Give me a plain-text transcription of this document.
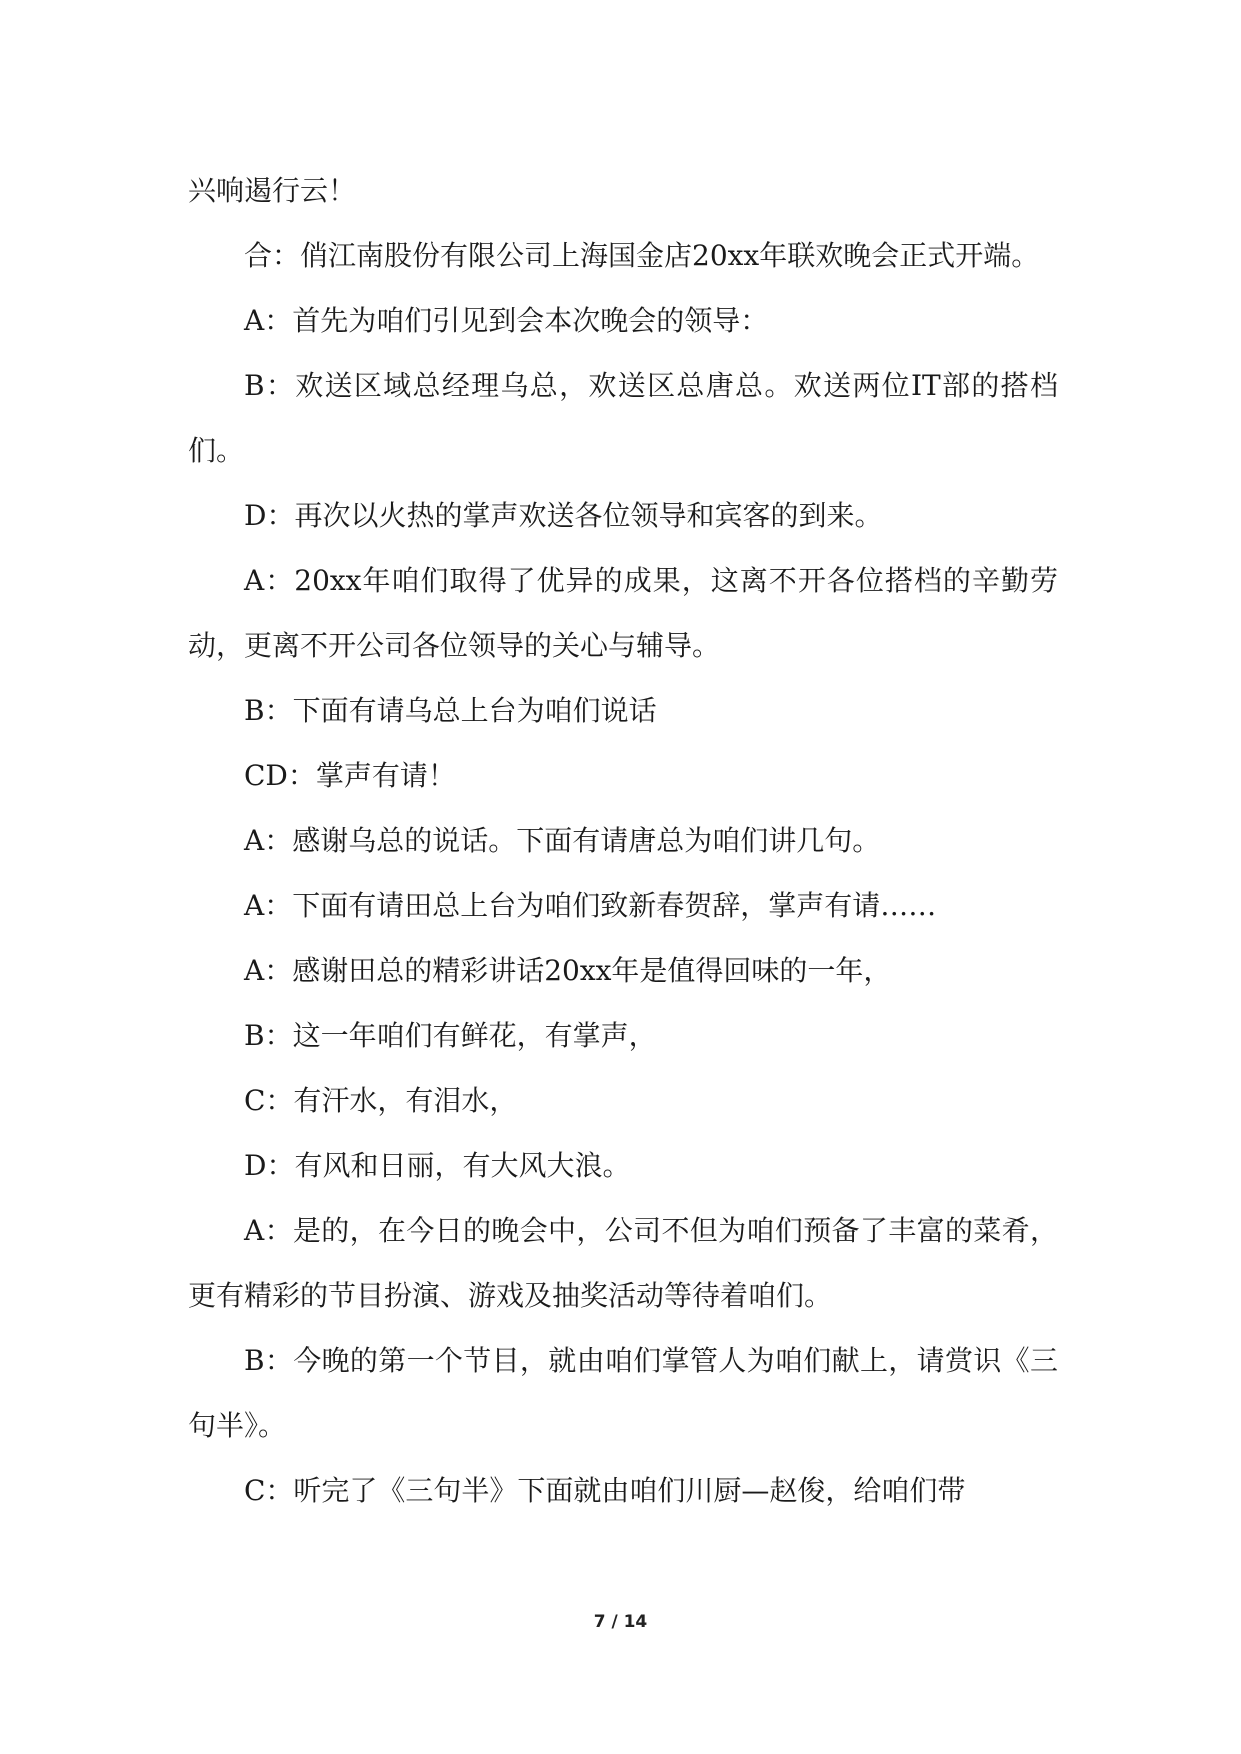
兴响遏行云！

合：俏江南股份有限公司上海国金店20xx年联欢晚会正式开端。

A：首先为咱们引见到会本次晚会的领导：

B：欢送区域总经理乌总，欢送区总唐总。欢送两位IT部的搭档们。

D：再次以火热的掌声欢送各位领导和宾客的到来。

A：20xx年咱们取得了优异的成果，这离不开各位搭档的辛勤劳动，更离不开公司各位领导的关心与辅导。

B：下面有请乌总上台为咱们说话

CD：掌声有请！

A：感谢乌总的说话。下面有请唐总为咱们讲几句。

A：下面有请田总上台为咱们致新春贺辞，掌声有请……

A：感谢田总的精彩讲话20xx年是值得回味的一年，

B：这一年咱们有鲜花，有掌声，

C：有汗水，有泪水，

D：有风和日丽，有大风大浪。

A：是的，在今日的晚会中，公司不但为咱们预备了丰富的菜肴，更有精彩的节目扮演、游戏及抽奖活动等待着咱们。

B：今晚的第一个节目，就由咱们掌管人为咱们献上，请赏识《三句半》。

C：听完了《三句半》下面就由咱们川厨—赵俊，给咱们带

7 / 14
